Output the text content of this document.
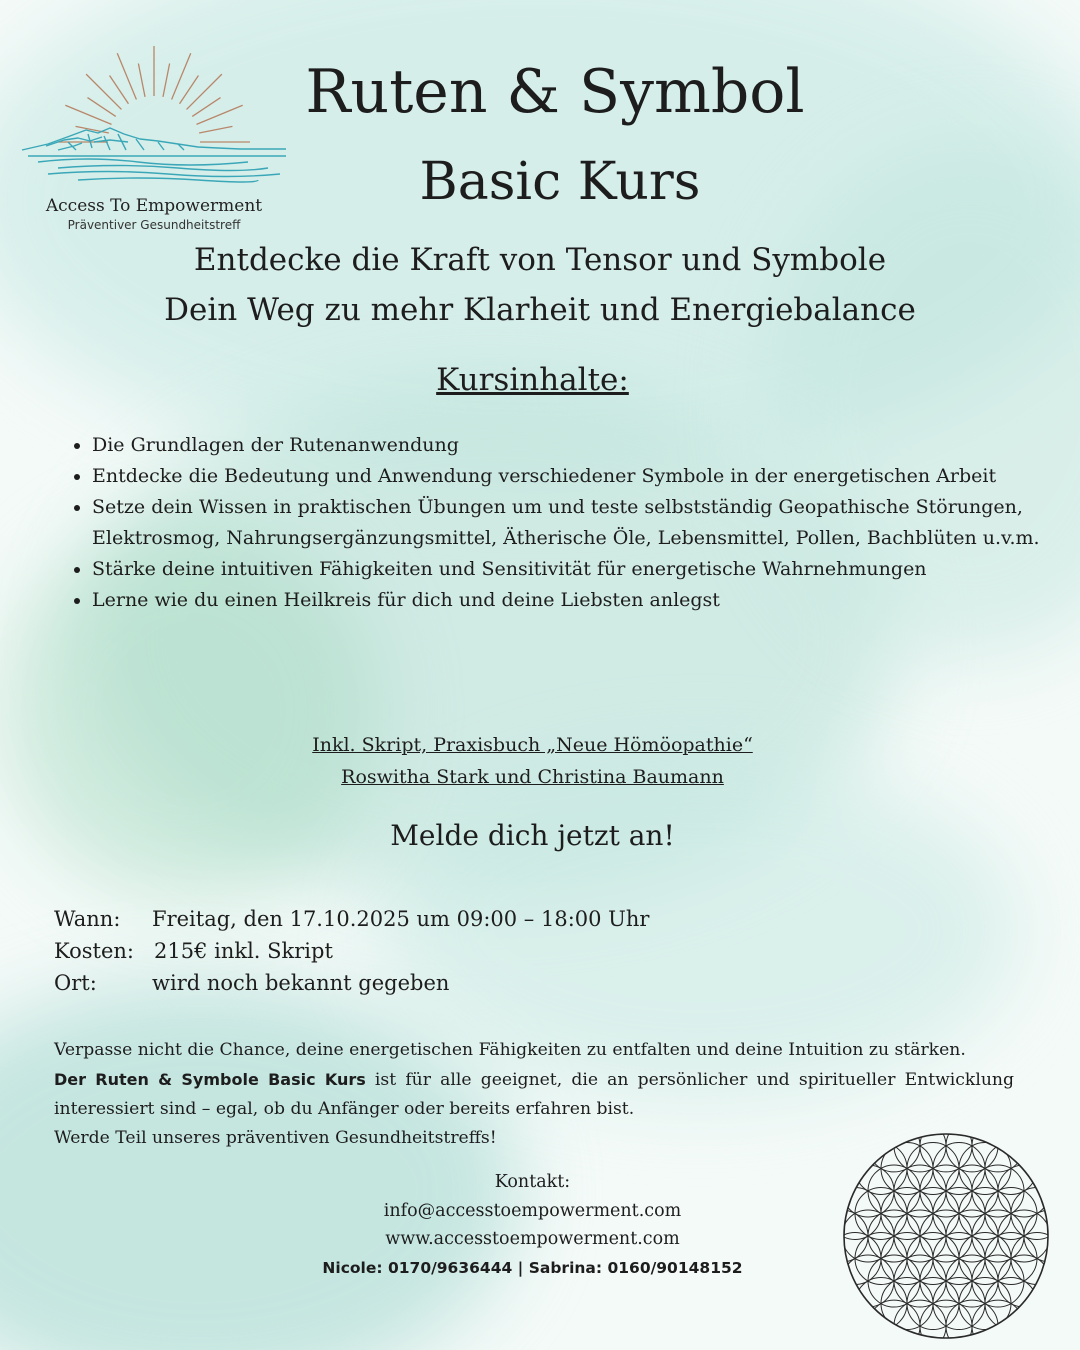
Access To Empowerment
Präventiver Gesundheitstreff
Ruten & Symbol
Basic Kurs
Entdecke die Kraft von Tensor und Symbole
Dein Weg zu mehr Klarheit und Energiebalance
Kursinhalte:
• Die Grundlagen der Rutenanwendung
• Entdecke die Bedeutung und Anwendung verschiedener Symbole in der energetischen Arbeit
• Setze dein Wissen in praktischen Übungen um und teste selbstständig Geopathische Störungen, Elektrosmog, Nahrungsergänzungsmittel, Ätherische Öle, Lebensmittel, Pollen, Bachblüten u.v.m.
• Stärke deine intuitiven Fähigkeiten und Sensitivität für energetische Wahrnehmungen
• Lerne wie du einen Heilkreis für dich und deine Liebsten anlegst
Inkl. Skript, Praxisbuch „Neue Hömöopathie“
Roswitha Stark und Christina Baumann
Melde dich jetzt an!
Wann: Freitag, den 17.10.2025 um 09:00 – 18:00 Uhr
Kosten: 215€ inkl. Skript
Ort:	wird noch bekannt gegeben

Verpasse nicht die Chance, deine energetischen Fähigkeiten zu entfalten und deine Intuition zu stärken.

Der Ruten & Symbole Basic Kurs ist für alle geeignet, die an persönlicher und spiritueller Entwicklung interessiert sind – egal, ob du Anfänger oder bereits erfahren bist.

Werde Teil unseres präventiven Gesundheitstreffs!

Kontakt:
info@accesstoempowerment.com
www.accesstoempowerment.com
Nicole: 0170/9636444 | Sabrina: 0160/90148152
